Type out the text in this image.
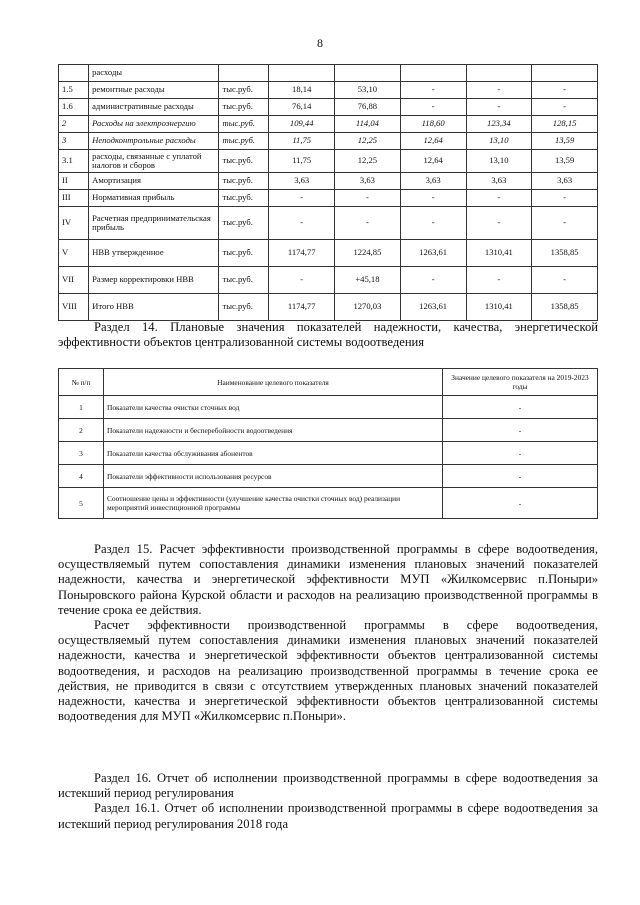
8
	расходы						
1.5	ремонтные расходы	тыс.руб.	18,14	53,10	-	-	-
1.6	административные расходы	тыс.руб.	76,14	76,88	-	-	-
2	Расходы на электроэнергию	тыс.руб.	109,44	114,04	118,60	123,34	128,15
3	Неподконтрольные расходы	тыс.руб.	11,75	12,25	12,64	13,10	13,59
3.1	расходы, связанные с уплатой налогов и сборов	тыс.руб.	11,75	12,25	12,64	13,10	13,59
II	Амортизация	тыс.руб.	3,63	3,63	3,63	3,63	3,63
III	Нормативная прибыль	тыс.руб.	-	-	-	-	-
IV	Расчетная предпринимательская прибыль	тыс.руб.	-	-	-	-	-
V	НВВ утвержденное	тыс.руб.	1174,77	1224,85	1263,61	1310,41	1358,85
VII	Размер корректировки НВВ	тыс.руб.	-	+45,18	-	-	-
VIII	Итого НВВ	тыс.руб.	1174,77	1270,03	1263,61	1310,41	1358,85
Раздел 14. Плановые значения показателей надежности, качества, энергетической эффективности объектов централизованной системы водоотведения
№ п/п	Наименование целевого показателя	Значение целевого показателя на 2019-2023 годы
1	Показатели качества очистки сточных вод	-
2	Показатели надежности и бесперебойности водоотведения	-
3	Показатели качества обслуживания абонентов	-
4	Показатели эффективности использования ресурсов	-
5	Соотношение цены и эффективности (улучшение качества очистки сточных вод) реализации мероприятий инвестиционной программы	-
Раздел 15. Расчет эффективности производственной программы в сфере водоотведения, осуществляемый путем сопоставления динамики изменения плановых значений показателей надежности, качества и энергетической эффективности МУП «Жилкомсервис п.Поныри» Поныровского района Курской области и расходов на реализацию производственной программы в течение срока ее действия.
Расчет эффективности производственной программы в сфере водоотведения, осуществляемый путем сопоставления динамики изменения плановых значений показателей надежности, качества и энергетической эффективности объектов централизованной системы водоотведения, и расходов на реализацию производственной программы в течение срока ее действия, не приводится в связи с отсутствием утвержденных плановых значений показателей надежности, качества и энергетической эффективности объектов централизованной системы водоотведения для МУП «Жилкомсервис п.Поныри».
Раздел 16. Отчет об исполнении производственной программы в сфере водоотведения за истекший период регулирования
Раздел 16.1. Отчет об исполнении производственной программы в сфере водоотведения за истекший период регулирования 2018 года
